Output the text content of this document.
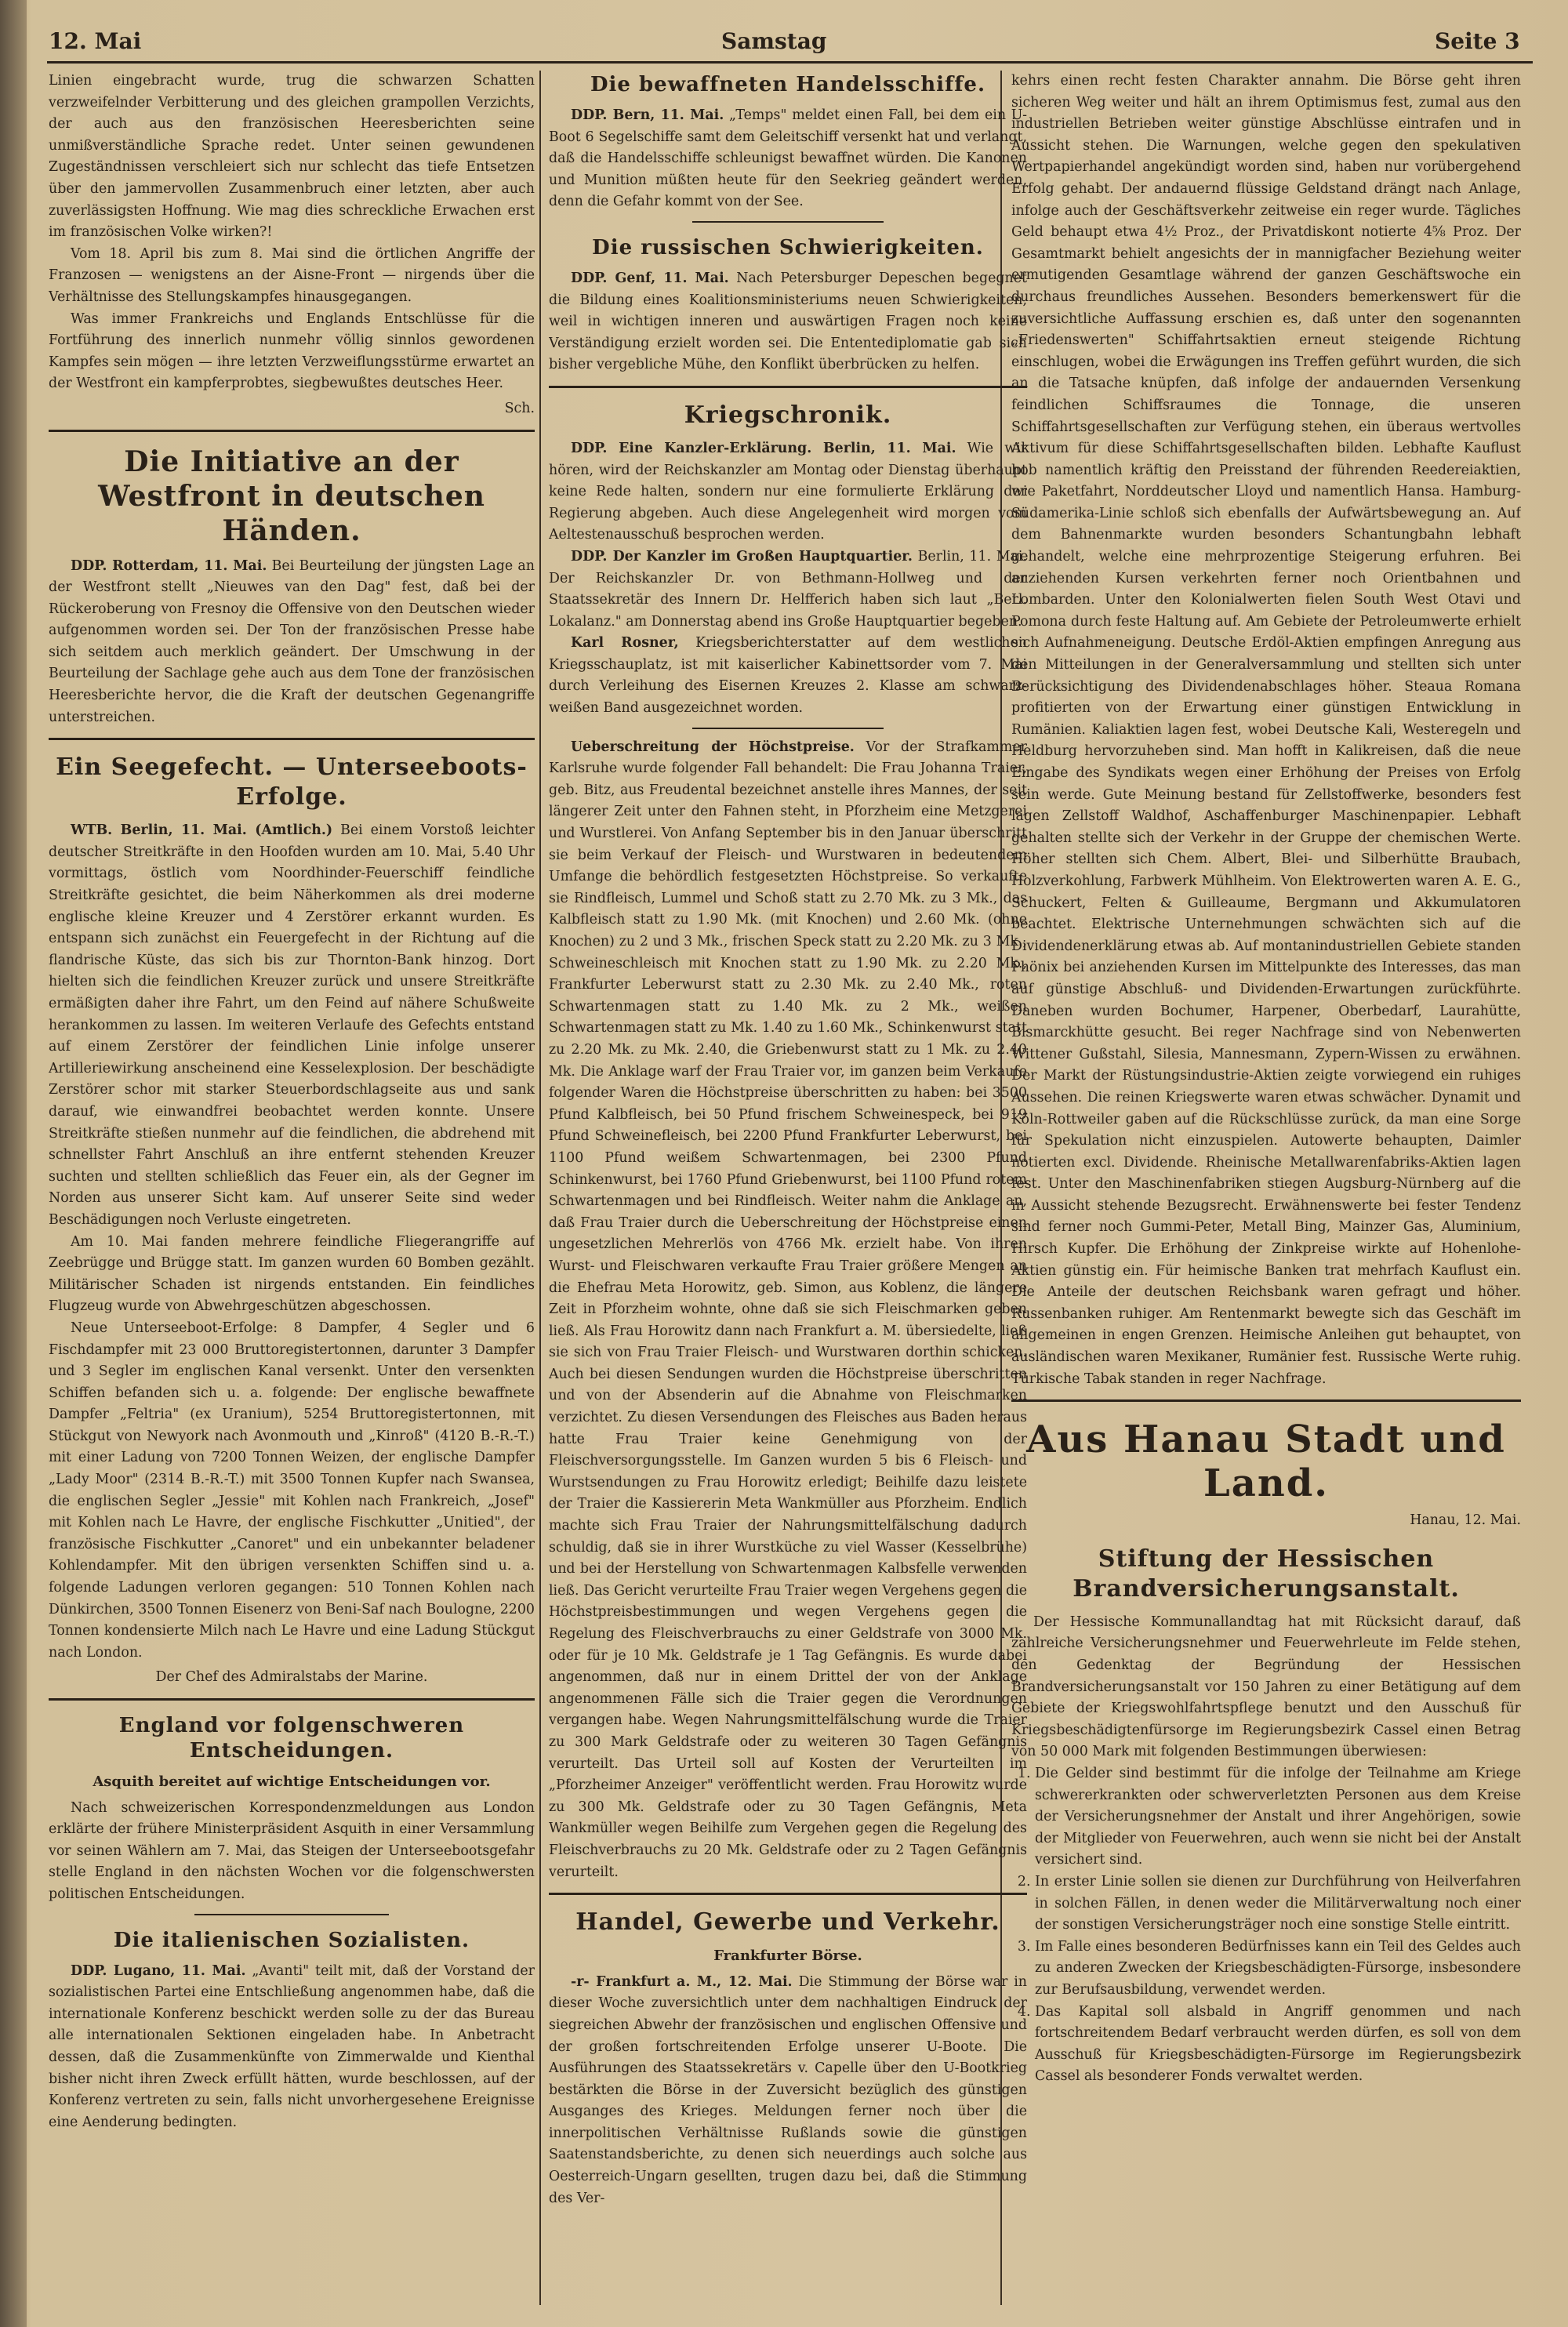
12. Mai	Samstag	Seite 3

Linien eingebracht wurde, trug die schwarzen Schatten verzweifelnder Verbitterung und des gleichen grampollen Verzichts, der auch aus den französischen Heeresberichten seine unmißverständliche Sprache redet. Unter seinen gewundenen Zugeständnissen verschleiert sich nur schlecht das tiefe Entsetzen über den jammervollen Zusammenbruch einer letzten, aber auch zuverlässigsten Hoffnung. Wie mag dies schreckliche Erwachen erst im französischen Volke wirken?!

Vom 18. April bis zum 8. Mai sind die örtlichen Angriffe der Franzosen — wenigstens an der Aisne-Front — nirgends über die Verhältnisse des Stellungskampfes hinausgegangen.

Was immer Frankreichs und Englands Entschlüsse für die Fortführung des innerlich nunmehr völlig sinnlos gewordenen Kampfes sein mögen — ihre letzten Verzweiflungsstürme erwartet an der Westfront ein kampferprobtes, siegbewußtes deutsches Heer.

Sch.
Die Initiative an der Westfront in deutschen Händen.

DDP. Rotterdam, 11. Mai. Bei Beurteilung der jüngsten Lage an der Westfront stellt „Nieuwes van den Dag" fest, daß bei der Rückeroberung von Fresnoy die Offensive von den Deutschen wieder aufgenommen worden sei. Der Ton der französischen Presse habe sich seitdem auch merklich geändert. Der Umschwung in der Beurteilung der Sachlage gehe auch aus dem Tone der französischen Heeresberichte hervor, die die Kraft der deutschen Gegenangriffe unterstreichen.

Ein Seegefecht. — Unterseeboots-Erfolge.

WTB. Berlin, 11. Mai. (Amtlich.) Bei einem Vorstoß leichter deutscher Streitkräfte in den Hoofden wurden am 10. Mai, 5.40 Uhr vormittags, östlich vom Noordhinder-Feuerschiff feindliche Streitkräfte gesichtet, die beim Näherkommen als drei moderne englische kleine Kreuzer und 4 Zerstörer erkannt wurden. Es entspann sich zunächst ein Feuergefecht in der Richtung auf die flandrische Küste, das sich bis zur Thornton-Bank hinzog. Dort hielten sich die feindlichen Kreuzer zurück und unsere Streitkräfte ermäßigten daher ihre Fahrt, um den Feind auf nähere Schußweite herankommen zu lassen. Im weiteren Verlaufe des Gefechts entstand auf einem Zerstörer der feindlichen Linie infolge unserer Artilleriewirkung anscheinend eine Kesselexplosion. Der beschädigte Zerstörer schor mit starker Steuerbordschlagseite aus und sank darauf, wie einwandfrei beobachtet werden konnte. Unsere Streitkräfte stießen nunmehr auf die feindlichen, die abdrehend mit schnellster Fahrt Anschluß an ihre entfernt stehenden Kreuzer suchten und stellten schließlich das Feuer ein, als der Gegner im Norden aus unserer Sicht kam. Auf unserer Seite sind weder Beschädigungen noch Verluste eingetreten.

Am 10. Mai fanden mehrere feindliche Fliegerangriffe auf Zeebrügge und Brügge statt. Im ganzen wurden 60 Bomben gezählt. Militärischer Schaden ist nirgends entstanden. Ein feindliches Flugzeug wurde von Abwehrgeschützen abgeschossen.

Neue Unterseeboot-Erfolge: 8 Dampfer, 4 Segler und 6 Fischdampfer mit 23 000 Bruttoregistertonnen, darunter 3 Dampfer und 3 Segler im englischen Kanal versenkt. Unter den versenkten Schiffen befanden sich u. a. folgende: Der englische bewaffnete Dampfer „Feltria" (ex Uranium), 5254 Bruttoregistertonnen, mit Stückgut von Newyork nach Avonmouth und „Kinroß" (4120 B.-R.-T.) mit einer Ladung von 7200 Tonnen Weizen, der englische Dampfer „Lady Moor" (2314 B.-R.-T.) mit 3500 Tonnen Kupfer nach Swansea, die englischen Segler „Jessie" mit Kohlen nach Frankreich, „Josef" mit Kohlen nach Le Havre, der englische Fischkutter „Unitied", der französische Fischkutter „Canoret" und ein unbekannter beladener Kohlendampfer. Mit den übrigen versenkten Schiffen sind u. a. folgende Ladungen verloren gegangen: 510 Tonnen Kohlen nach Dünkirchen, 3500 Tonnen Eisenerz von Beni-Saf nach Boulogne, 2200 Tonnen kondensierte Milch nach Le Havre und eine Ladung Stückgut nach London.

Der Chef des Admiralstabs der Marine.
England vor folgenschweren Entscheidungen.
Asquith bereitet auf wichtige Entscheidungen vor.

Nach schweizerischen Korrespondenzmeldungen aus London erklärte der frühere Ministerpräsident Asquith in einer Versammlung vor seinen Wählern am 7. Mai, das Steigen der Unterseebootsgefahr stelle England in den nächsten Wochen vor die folgenschwersten politischen Entscheidungen.

Die italienischen Sozialisten.

DDP. Lugano, 11. Mai. „Avanti" teilt mit, daß der Vorstand der sozialistischen Partei eine Entschließung angenommen habe, daß die internationale Konferenz beschickt werden solle zu der das Bureau alle internationalen Sektionen eingeladen habe. In Anbetracht dessen, daß die Zusammenkünfte von Zimmerwalde und Kienthal bisher nicht ihren Zweck erfüllt hätten, wurde beschlossen, auf der Konferenz vertreten zu sein, falls nicht unvorhergesehene Ereignisse eine Aenderung bedingten.

Die bewaffneten Handelsschiffe.

DDP. Bern, 11. Mai. „Temps" meldet einen Fall, bei dem ein U-Boot 6 Segelschiffe samt dem Geleitschiff versenkt hat und verlangt, daß die Handelsschiffe schleunigst bewaffnet würden. Die Kanonen und Munition müßten heute für den Seekrieg geändert werden, denn die Gefahr kommt von der See.

Die russischen Schwierigkeiten.

DDP. Genf, 11. Mai. Nach Petersburger Depeschen begegnet die Bildung eines Koalitionsministeriums neuen Schwierigkeiten, weil in wichtigen inneren und auswärtigen Fragen noch keine Verständigung erzielt worden sei. Die Ententediplomatie gab sich bisher vergebliche Mühe, den Konflikt überbrücken zu helfen.

Kriegschronik.

DDP. Eine Kanzler-Erklärung. Berlin, 11. Mai. Wie wir hören, wird der Reichskanzler am Montag oder Dienstag überhaupt keine Rede halten, sondern nur eine formulierte Erklärung der Regierung abgeben. Auch diese Angelegenheit wird morgen vom Aeltestenausschuß besprochen werden.

DDP. Der Kanzler im Großen Hauptquartier. Berlin, 11. Mai. Der Reichskanzler Dr. von Bethmann-Hollweg und der Staatssekretär des Innern Dr. Helfferich haben sich laut „Berl. Lokalanz." am Donnerstag abend ins Große Hauptquartier begeben.

Karl Rosner, Kriegsberichterstatter auf dem westlichen Kriegsschauplatz, ist mit kaiserlicher Kabinettsorder vom 7. Mai durch Verleihung des Eisernen Kreuzes 2. Klasse am schwarz-weißen Band ausgezeichnet worden.

Ueberschreitung der Höchstpreise. Vor der Strafkammer Karlsruhe wurde folgender Fall behandelt: Die Frau Johanna Traier, geb. Bitz, aus Freudental bezeichnet anstelle ihres Mannes, der seit längerer Zeit unter den Fahnen steht, in Pforzheim eine Metzgerei und Wurstlerei. Von Anfang September bis in den Januar überschritt sie beim Verkauf der Fleisch- und Wurstwaren in bedeutendem Umfange die behördlich festgesetzten Höchstpreise. So verkaufte sie Rindfleisch, Lummel und Schoß statt zu 2.70 Mk. zu 3 Mk., das Kalbfleisch statt zu 1.90 Mk. (mit Knochen) und 2.60 Mk. (ohne Knochen) zu 2 und 3 Mk., frischen Speck statt zu 2.20 Mk. zu 3 Mk., Schweineschleisch mit Knochen statt zu 1.90 Mk. zu 2.20 Mk., Frankfurter Leberwurst statt zu 2.30 Mk. zu 2.40 Mk., roten Schwartenmagen statt zu 1.40 Mk. zu 2 Mk., weißen Schwartenmagen statt zu Mk. 1.40 zu 1.60 Mk., Schinkenwurst statt zu 2.20 Mk. zu Mk. 2.40, die Griebenwurst statt zu 1 Mk. zu 2.40 Mk. Die Anklage warf der Frau Traier vor, im ganzen beim Verkaufe folgender Waren die Höchstpreise überschritten zu haben: bei 3500 Pfund Kalbfleisch, bei 50 Pfund frischem Schweinespeck, bei 919 Pfund Schweinefleisch, bei 2200 Pfund Frankfurter Leberwurst, bei 1100 Pfund weißem Schwartenmagen, bei 2300 Pfund Schinkenwurst, bei 1760 Pfund Griebenwurst, bei 1100 Pfund rotem Schwartenmagen und bei Rindfleisch. Weiter nahm die Anklage an, daß Frau Traier durch die Ueberschreitung der Höchstpreise einen ungesetzlichen Mehrerlös von 4766 Mk. erzielt habe. Von ihren Wurst- und Fleischwaren verkaufte Frau Traier größere Mengen an die Ehefrau Meta Horowitz, geb. Simon, aus Koblenz, die längere Zeit in Pforzheim wohnte, ohne daß sie sich Fleischmarken geben ließ. Als Frau Horowitz dann nach Frankfurt a. M. übersiedelte, ließ sie sich von Frau Traier Fleisch- und Wurstwaren dorthin schicken. Auch bei diesen Sendungen wurden die Höchstpreise überschritten und von der Absenderin auf die Abnahme von Fleischmarken verzichtet. Zu diesen Versendungen des Fleisches aus Baden heraus hatte Frau Traier keine Genehmigung von der Fleischversorgungsstelle. Im Ganzen wurden 5 bis 6 Fleisch- und Wurstsendungen zu Frau Horowitz erledigt; Beihilfe dazu leistete der Traier die Kassiererin Meta Wankmüller aus Pforzheim. Endlich machte sich Frau Traier der Nahrungsmittelfälschung dadurch schuldig, daß sie in ihrer Wurstküche zu viel Wasser (Kesselbrühe) und bei der Herstellung von Schwartenmagen Kalbsfelle verwenden ließ. Das Gericht verurteilte Frau Traier wegen Vergehens gegen die Höchstpreisbestimmungen und wegen Vergehens gegen die Regelung des Fleischverbrauchs zu einer Geldstrafe von 3000 Mk. oder für je 10 Mk. Geldstrafe je 1 Tag Gefängnis. Es wurde dabei angenommen, daß nur in einem Drittel der von der Anklage angenommenen Fälle sich die Traier gegen die Verordnungen vergangen habe. Wegen Nahrungsmittelfälschung wurde die Traier zu 300 Mark Geldstrafe oder zu weiteren 30 Tagen Gefängnis verurteilt. Das Urteil soll auf Kosten der Verurteilten im „Pforzheimer Anzeiger" veröffentlicht werden. Frau Horowitz wurde zu 300 Mk. Geldstrafe oder zu 30 Tagen Gefängnis, Meta Wankmüller wegen Beihilfe zum Vergehen gegen die Regelung des Fleischverbrauchs zu 20 Mk. Geldstrafe oder zu 2 Tagen Gefängnis verurteilt.

Handel, Gewerbe und Verkehr.
Frankfurter Börse.

-r- Frankfurt a. M., 12. Mai. Die Stimmung der Börse war in dieser Woche zuversichtlich unter dem nachhaltigen Eindruck der siegreichen Abwehr der französischen und englischen Offensive und der großen fortschreitenden Erfolge unserer U-Boote. Die Ausführungen des Staatssekretärs v. Capelle über den U-Bootkrieg bestärkten die Börse in der Zuversicht bezüglich des günstigen Ausganges des Krieges. Meldungen ferner noch über die innerpolitischen Verhältnisse Rußlands sowie die günstigen Saatenstandsberichte, zu denen sich neuerdings auch solche aus Oesterreich-Ungarn gesellten, trugen dazu bei, daß die Stimmung des Ver-

kehrs einen recht festen Charakter annahm. Die Börse geht ihren sicheren Weg weiter und hält an ihrem Optimismus fest, zumal aus den industriellen Betrieben weiter günstige Abschlüsse eintrafen und in Aussicht stehen. Die Warnungen, welche gegen den spekulativen Wertpapierhandel angekündigt worden sind, haben nur vorübergehend Erfolg gehabt. Der andauernd flüssige Geldstand drängt nach Anlage, infolge auch der Geschäftsverkehr zeitweise ein reger wurde. Tägliches Geld behaupt etwa 4½ Proz., der Privatdiskont notierte 4⅝ Proz. Der Gesamtmarkt behielt angesichts der in mannigfacher Beziehung weiter ermutigenden Gesamtlage während der ganzen Geschäftswoche ein durchaus freundliches Aussehen. Besonders bemerkenswert für die zuversichtliche Auffassung erschien es, daß unter den sogenannten „Friedenswerten" Schiffahrtsaktien erneut steigende Richtung einschlugen, wobei die Erwägungen ins Treffen geführt wurden, die sich an die Tatsache knüpfen, daß infolge der andauernden Versenkung feindlichen Schiffsraumes die Tonnage, die unseren Schiffahrtsgesellschaften zur Verfügung stehen, ein überaus wertvolles Aktivum für diese Schiffahrtsgesellschaften bilden. Lebhafte Kauflust hob namentlich kräftig den Preisstand der führenden Reedereiaktien, wie Paketfahrt, Norddeutscher Lloyd und namentlich Hansa. Hamburg-Südamerika-Linie schloß sich ebenfalls der Aufwärtsbewegung an. Auf dem Bahnenmarkte wurden besonders Schantungbahn lebhaft gehandelt, welche eine mehrprozentige Steigerung erfuhren. Bei anziehenden Kursen verkehrten ferner noch Orientbahnen und Lombarden. Unter den Kolonialwerten fielen South West Otavi und Pomona durch feste Haltung auf. Am Gebiete der Petroleumwerte erhielt sich Aufnahmeneigung. Deutsche Erdöl-Aktien empfingen Anregung aus den Mitteilungen in der Generalversammlung und stellten sich unter Berücksichtigung des Dividendenabschlages höher. Steaua Romana profitierten von der Erwartung einer günstigen Entwicklung in Rumänien. Kaliaktien lagen fest, wobei Deutsche Kali, Westeregeln und Heldburg hervorzuheben sind. Man hofft in Kalikreisen, daß die neue Eingabe des Syndikats wegen einer Erhöhung der Preises von Erfolg sein werde. Gute Meinung bestand für Zellstoffwerke, besonders fest lagen Zellstoff Waldhof, Aschaffenburger Maschinenpapier. Lebhaft gehalten stellte sich der Verkehr in der Gruppe der chemischen Werte. Höher stellten sich Chem. Albert, Blei- und Silberhütte Braubach, Holzverkohlung, Farbwerk Mühlheim. Von Elektrowerten waren A. E. G., Schuckert, Felten & Guilleaume, Bergmann und Akkumulatoren beachtet. Elektrische Unternehmungen schwächten sich auf die Dividendenerklärung etwas ab. Auf montanindustriellen Gebiete standen Phönix bei anziehenden Kursen im Mittelpunkte des Interesses, das man auf günstige Abschluß- und Dividenden-Erwartungen zurückführte. Daneben wurden Bochumer, Harpener, Oberbedarf, Laurahütte, Bismarckhütte gesucht. Bei reger Nachfrage sind von Nebenwerten Wittener Gußstahl, Silesia, Mannesmann, Zypern-Wissen zu erwähnen. Der Markt der Rüstungsindustrie-Aktien zeigte vorwiegend ein ruhiges Aussehen. Die reinen Kriegswerte waren etwas schwächer. Dynamit und Köln-Rottweiler gaben auf die Rückschlüsse zurück, da man eine Sorge für Spekulation nicht einzuspielen. Autowerte behaupten, Daimler notierten excl. Dividende. Rheinische Metallwarenfabriks-Aktien lagen fest. Unter den Maschinenfabriken stiegen Augsburg-Nürnberg auf die in Aussicht stehende Bezugsrecht. Erwähnenswerte bei fester Tendenz sind ferner noch Gummi-Peter, Metall Bing, Mainzer Gas, Aluminium, Hirsch Kupfer. Die Erhöhung der Zinkpreise wirkte auf Hohenlohe-Aktien günstig ein. Für heimische Banken trat mehrfach Kauflust ein. Die Anteile der deutschen Reichsbank waren gefragt und höher. Russenbanken ruhiger. Am Rentenmarkt bewegte sich das Geschäft im allgemeinen in engen Grenzen. Heimische Anleihen gut behauptet, von ausländischen waren Mexikaner, Rumänier fest. Russische Werte ruhig. Türkische Tabak standen in reger Nachfrage.

Aus Hanau Stadt und Land.
Hanau, 12. Mai.
Stiftung der Hessischen Brandversicherungsanstalt.

Der Hessische Kommunallandtag hat mit Rücksicht darauf, daß zahlreiche Versicherungsnehmer und Feuerwehrleute im Felde stehen, den Gedenktag der Begründung der Hessischen Brandversicherungsanstalt vor 150 Jahren zu einer Betätigung auf dem Gebiete der Kriegswohlfahrtspflege benutzt und den Ausschuß für Kriegsbeschädigtenfürsorge im Regierungsbezirk Cassel einen Betrag von 50 000 Mark mit folgenden Bestimmungen überwiesen:

1. Die Gelder sind bestimmt für die infolge der Teilnahme am Kriege schwererkrankten oder schwerverletzten Personen aus dem Kreise der Versicherungsnehmer der Anstalt und ihrer Angehörigen, sowie der Mitglieder von Feuerwehren, auch wenn sie nicht bei der Anstalt versichert sind.
2. In erster Linie sollen sie dienen zur Durchführung von Heilverfahren in solchen Fällen, in denen weder die Militärverwaltung noch einer der sonstigen Versicherungsträger noch eine sonstige Stelle eintritt.
3. Im Falle eines besonderen Bedürfnisses kann ein Teil des Geldes auch zu anderen Zwecken der Kriegsbeschädigten-Fürsorge, insbesondere zur Berufsausbildung, verwendet werden.
4. Das Kapital soll alsbald in Angriff genommen und nach fortschreitendem Bedarf verbraucht werden dürfen, es soll von dem Ausschuß für Kriegsbeschädigten-Fürsorge im Regierungsbezirk Cassel als besonderer Fonds verwaltet werden.
